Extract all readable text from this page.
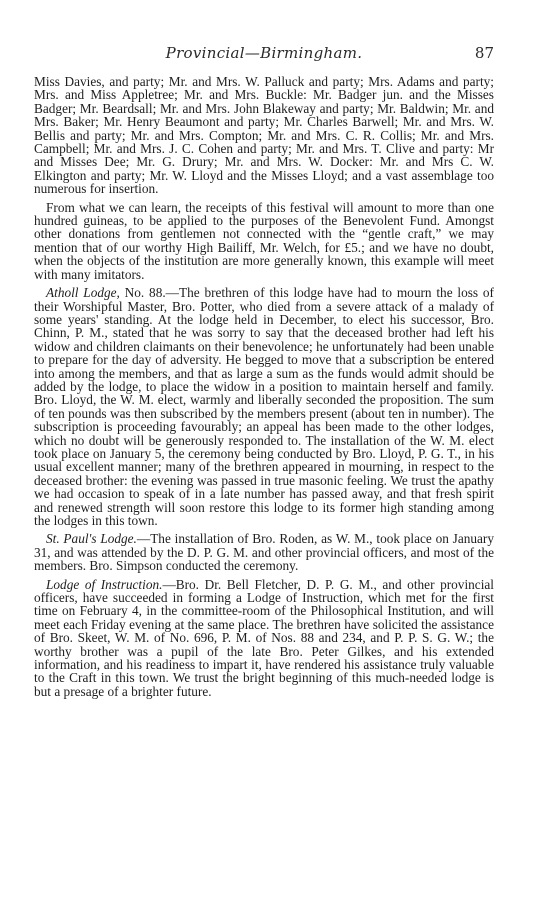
Provincial—Birmingham.	87

Miss Davies, and party; Mr. and Mrs. W. Palluck and party; Mrs. Adams and party; Mrs. and Miss Appletree; Mr. and Mrs. Buckle: Mr. Badger jun. and the Misses Badger; Mr. Beardsall; Mr. and Mrs. John Blakeway and party; Mr. Baldwin; Mr. and Mrs. Baker; Mr. Henry Beaumont and party; Mr. Charles Barwell; Mr. and Mrs. W. Bellis and party; Mr. and Mrs. Compton; Mr. and Mrs. C. R. Collis; Mr. and Mrs. Campbell; Mr. and Mrs. J. C. Cohen and party; Mr. and Mrs. T. Clive and party: Mr and Misses Dee; Mr. G. Drury; Mr. and Mrs. W. Docker: Mr. and Mrs C. W. Elkington and party; Mr. W. Lloyd and the Misses Lloyd; and a vast assemblage too numerous for insertion.

From what we can learn, the receipts of this festival will amount to more than one hundred guineas, to be applied to the purposes of the Benevolent Fund. Amongst other donations from gentlemen not connected with the “gentle craft,” we may mention that of our worthy High Bailiff, Mr. Welch, for £5.; and we have no doubt, when the objects of the institution are more generally known, this example will meet with many imitators.

Atholl Lodge, No. 88.—The brethren of this lodge have had to mourn the loss of their Worshipful Master, Bro. Potter, who died from a severe attack of a malady of some years' standing. At the lodge held in December, to elect his successor, Bro. Chinn, P. M., stated that he was sorry to say that the deceased brother had left his widow and children claimants on their benevolence; he unfortunately had been unable to prepare for the day of adversity. He begged to move that a subscription be entered into among the members, and that as large a sum as the funds would admit should be added by the lodge, to place the widow in a position to maintain herself and family. Bro. Lloyd, the W. M. elect, warmly and liberally seconded the proposition. The sum of ten pounds was then subscribed by the members present (about ten in number). The subscription is proceeding favourably; an appeal has been made to the other lodges, which no doubt will be generously responded to. The installation of the W. M. elect took place on January 5, the ceremony being conducted by Bro. Lloyd, P. G. T., in his usual excellent manner; many of the brethren appeared in mourning, in respect to the deceased brother: the evening was passed in true masonic feeling. We trust the apathy we had occasion to speak of in a late number has passed away, and that fresh spirit and renewed strength will soon restore this lodge to its former high standing among the lodges in this town.

St. Paul's Lodge.—The installation of Bro. Roden, as W. M., took place on January 31, and was attended by the D. P. G. M. and other provincial officers, and most of the members. Bro. Simpson conducted the ceremony.

Lodge of Instruction.—Bro. Dr. Bell Fletcher, D. P. G. M., and other provincial officers, have succeeded in forming a Lodge of Instruction, which met for the first time on February 4, in the committee-room of the Philosophical Institution, and will meet each Friday evening at the same place. The brethren have solicited the assistance of Bro. Skeet, W. M. of No. 696, P. M. of Nos. 88 and 234, and P. P. S. G. W.; the worthy brother was a pupil of the late Bro. Peter Gilkes, and his extended information, and his readiness to impart it, have rendered his assistance truly valuable to the Craft in this town. We trust the bright beginning of this much-needed lodge is but a presage of a brighter future.
